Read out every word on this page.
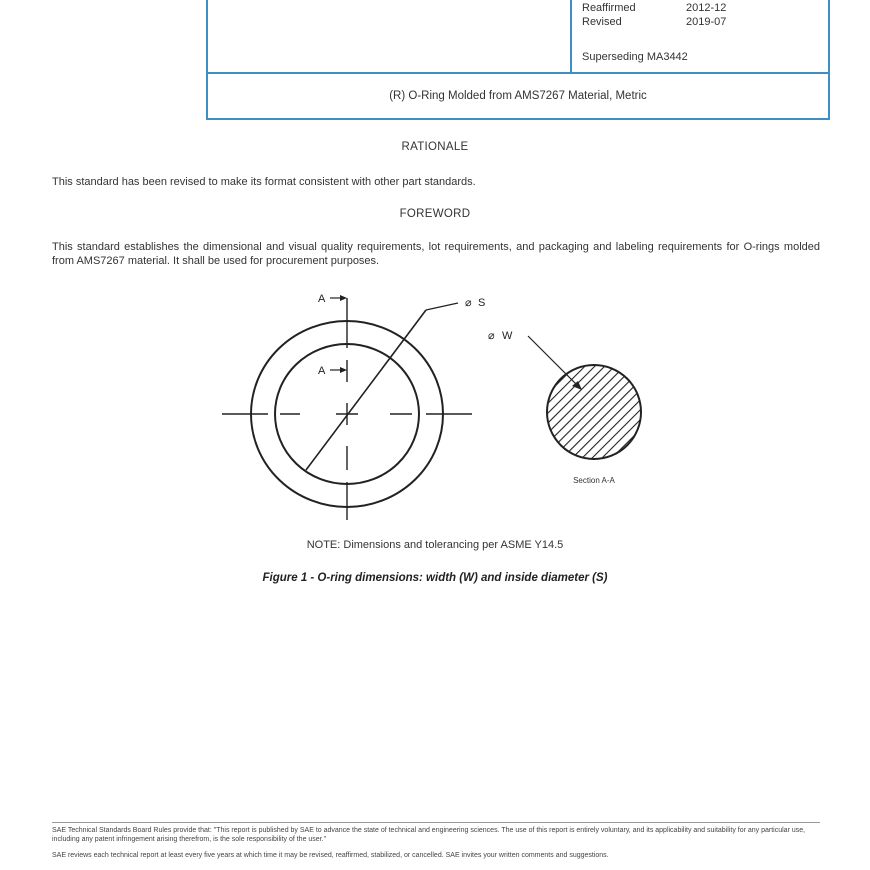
Reaffirmed	2012-12
Revised	2019-07
Superseding MA3442
(R) O-Ring Molded from AMS7267 Material, Metric
RATIONALE
This standard has been revised to make its format consistent with other part standards.
FOREWORD
This standard establishes the dimensional and visual quality requirements, lot requirements, and packaging and labeling requirements for O-rings molded from AMS7267 material. It shall be used for procurement purposes.
A
A
⌀ S
⌀ W
Section A-A
NOTE: Dimensions and tolerancing per ASME Y14.5
Figure 1 - O-ring dimensions: width (W) and inside diameter (S)
SAE Technical Standards Board Rules provide that: "This report is published by SAE to advance the state of technical and engineering sciences. The use of this report is entirely voluntary, and its applicability and suitability for any particular use, including any patent infringement arising therefrom, is the sole responsibility of the user."
SAE reviews each technical report at least every five years at which time it may be revised, reaffirmed, stabilized, or cancelled. SAE invites your written comments and suggestions.
